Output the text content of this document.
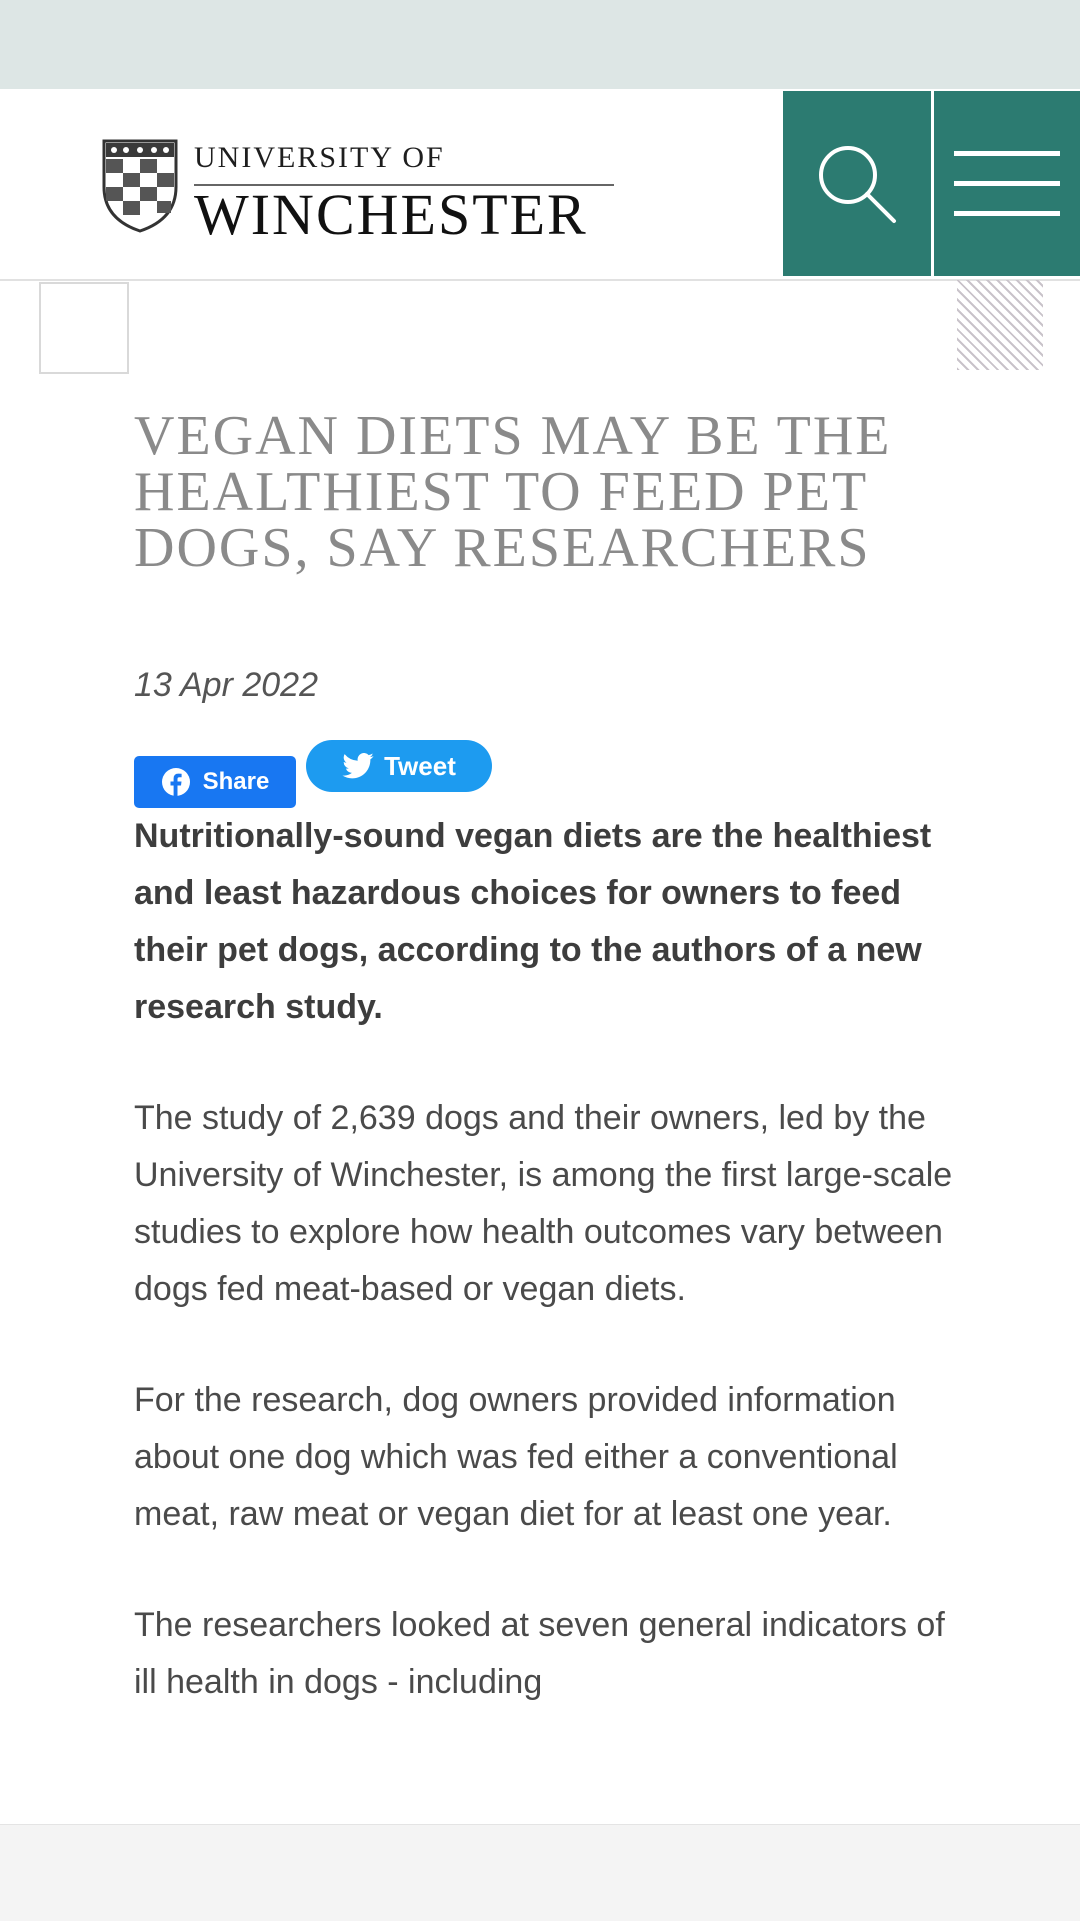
UNIVERSITY OF
WINCHESTER
VEGAN DIETS MAY BE THE HEALTHIEST TO FEED PET DOGS, SAY RESEARCHERS
13 Apr 2022
Share
Tweet

Nutritionally-sound vegan diets are the healthiest and least hazardous choices for owners to feed their pet dogs, according to the authors of a new research study.

The study of 2,639 dogs and their owners, led by the University of Winchester, is among the first large-scale studies to explore how health outcomes vary between dogs fed meat-based or vegan diets.

For the research, dog owners provided information about one dog which was fed either a conventional meat, raw meat or vegan diet for at least one year.

The researchers looked at seven general indicators of ill health in dogs - including
